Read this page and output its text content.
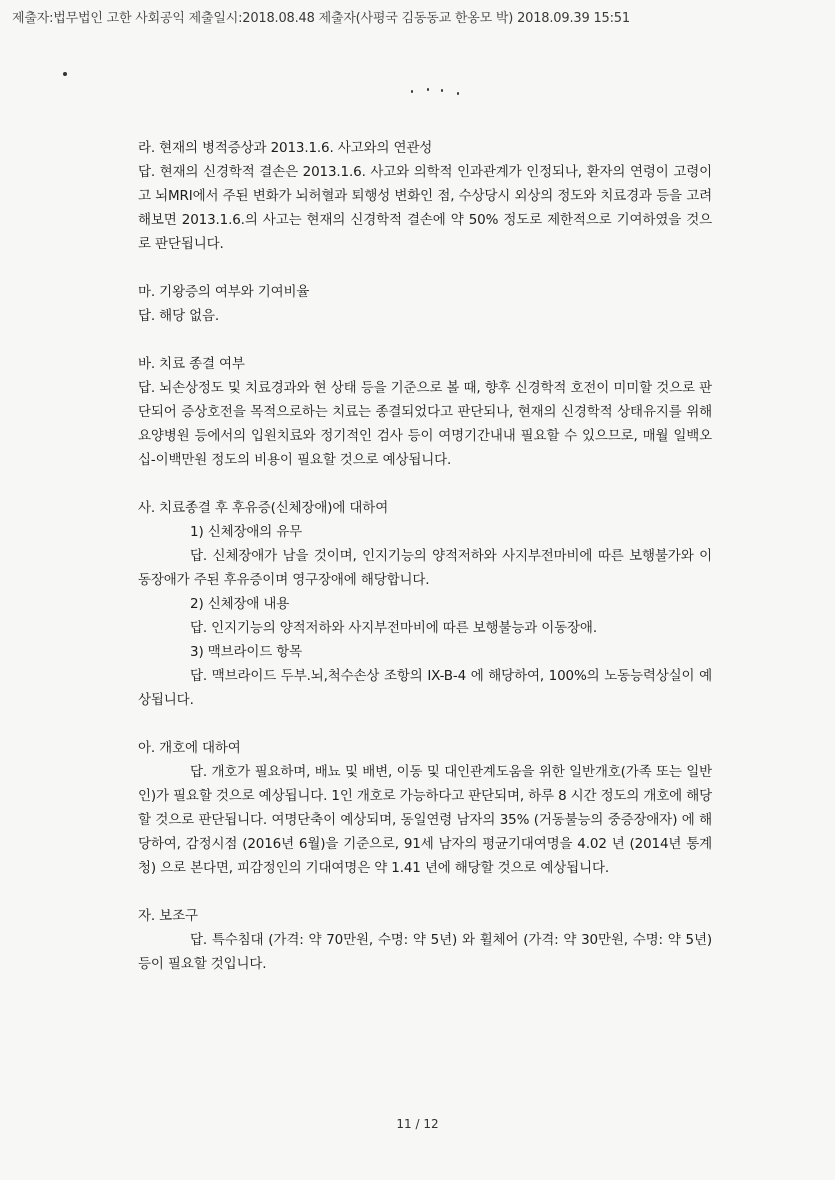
제출자:법무법인 고한 사회공익 제출일시:2018.08.48 제출자(사평국 김동동교 한옹모 박) 2018.09.39 15:51

라. 현재의 병적증상과 2013.1.6. 사고와의 연관성

답. 현재의 신경학적 결손은 2013.1.6. 사고와 의학적 인과관계가 인정되나, 환자의 연령이 고령이고 뇌MRI에서 주된 변화가 뇌허혈과 퇴행성 변화인 점, 수상당시 외상의 정도와 치료경과 등을 고려해보면 2013.1.6.의 사고는 현재의 신경학적 결손에 약 50% 정도로 제한적으로 기여하였을 것으로 판단됩니다.

마. 기왕증의 여부와 기여비율

답. 해당 없음.

바. 치료 종결 여부

답. 뇌손상정도 및 치료경과와 현 상태 등을 기준으로 볼 때, 향후 신경학적 호전이 미미할 것으로 판단되어 증상호전을 목적으로하는 치료는 종결되었다고 판단되나, 현재의 신경학적 상태유지를 위해 요양병원 등에서의 입원치료와 정기적인 검사 등이 여명기간내내 필요할 수 있으므로, 매월 일백오십-이백만원 정도의 비용이 필요할 것으로 예상됩니다.

사. 치료종결 후 후유증(신체장애)에 대하여

1) 신체장애의 유무

답. 신체장애가 남을 것이며, 인지기능의 양적저하와 사지부전마비에 따른 보행불가와 이동장애가 주된 후유증이며 영구장애에 해당합니다.

2) 신체장애 내용

답. 인지기능의 양적저하와 사지부전마비에 따른 보행불능과 이동장애.

3) 맥브라이드 항목

답. 맥브라이드 두부.뇌,척수손상 조항의 IX-B-4 에 해당하여, 100%의 노동능력상실이 예상됩니다.

아. 개호에 대하여

답. 개호가 필요하며, 배뇨 및 배변, 이동 및 대인관계도움을 위한 일반개호(가족 또는 일반인)가 필요할 것으로 예상됩니다. 1인 개호로 가능하다고 판단되며, 하루 8 시간 정도의 개호에 해당할 것으로 판단됩니다. 여명단축이 예상되며, 동일연령 남자의 35% (거동불능의 중증장애자) 에 해당하여, 감정시점 (2016년 6월)을 기준으로, 91세 남자의 평균기대여명을 4.02 년 (2014년 통계청) 으로 본다면, 피감정인의 기대여명은 약 1.41 년에 해당할 것으로 예상됩니다.

자. 보조구

답. 특수침대 (가격: 약 70만원, 수명: 약 5년) 와 휠체어 (가격: 약 30만원, 수명: 약 5년) 등이 필요할 것입니다.

11 / 12
